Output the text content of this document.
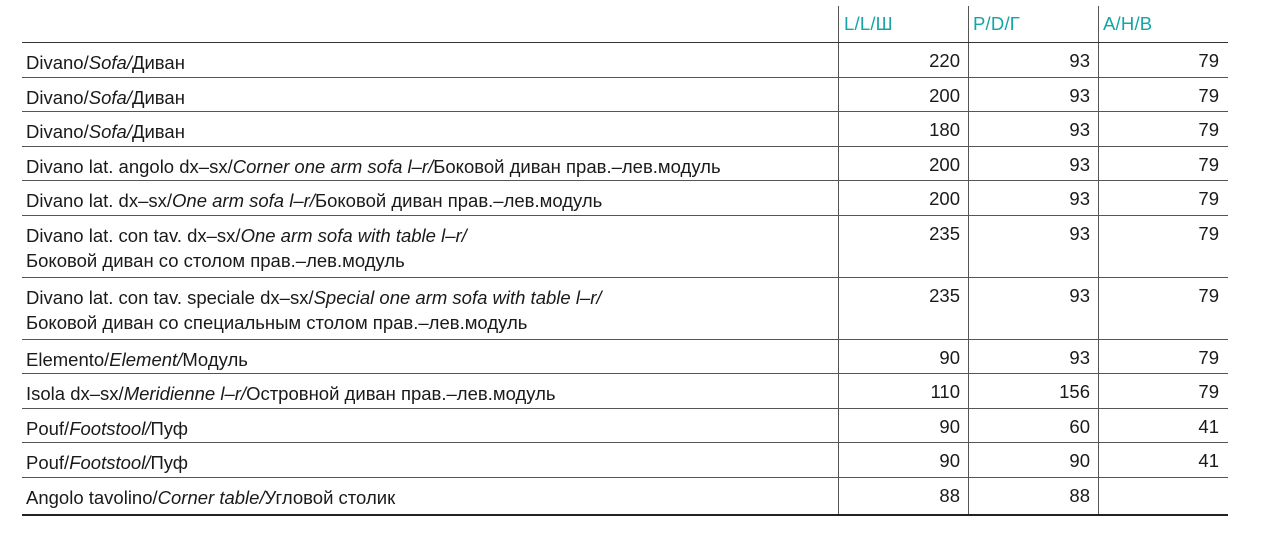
L/L/Ш	P/D/Г	A/H/B
Divano/Sofa/Диван	220	93	79
Divano/Sofa/Диван	200	93	79
Divano/Sofa/Диван	180	93	79
Divano lat. angolo dx–sx/Corner one arm sofa l–r/Боковой диван прав.–лев.модуль	200	93	79
Divano lat. dx–sx/One arm sofa l–r/Боковой диван прав.–лев.модуль	200	93	79
Divano lat. con tav. dx–sx/One arm sofa with table l–r/
Боковой диван со столом прав.–лев.модуль
235	93	79
Divano lat. con tav. speciale dx–sx/Special one arm sofa with table l–r/
Боковой диван со специальным столом прав.–лев.модуль
235	93	79
Elemento/Element/Модуль	90	93	79
Isola dx–sx/Meridienne l–r/Островной диван прав.–лев.модуль	110	156	79
Pouf/Footstool/Пуф	90	60	41
Pouf/Footstool/Пуф	90	90	41
Angolo tavolino/Corner table/Угловой столик	88	88
